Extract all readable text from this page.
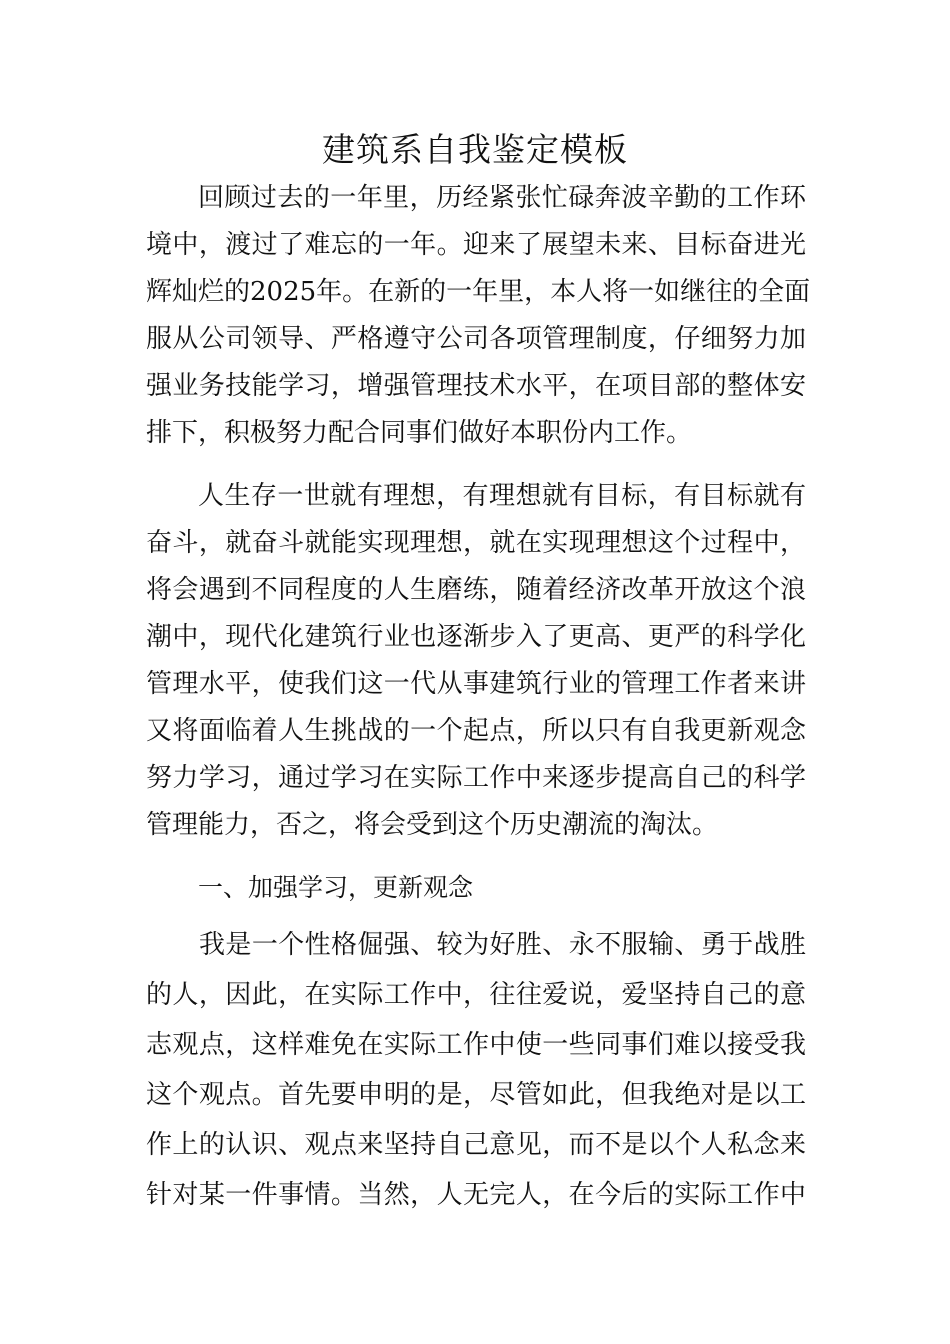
建筑系自我鉴定模板

回顾过去的一年里，历经紧张忙碌奔波辛勤的工作环

境中，渡过了难忘的一年。迎来了展望未来、目标奋进光

辉灿烂的2025年。在新的一年里，本人将一如继往的全面

服从公司领导、严格遵守公司各项管理制度，仔细努力加

强业务技能学习，增强管理技术水平，在项目部的整体安

排下，积极努力配合同事们做好本职份内工作。

人生存一世就有理想，有理想就有目标，有目标就有

奋斗，就奋斗就能实现理想，就在实现理想这个过程中，

将会遇到不同程度的人生磨练，随着经济改革开放这个浪

潮中，现代化建筑行业也逐渐步入了更高、更严的科学化

管理水平，使我们这一代从事建筑行业的管理工作者来讲

又将面临着人生挑战的一个起点，所以只有自我更新观念

努力学习，通过学习在实际工作中来逐步提高自己的科学

管理能力，否之，将会受到这个历史潮流的淘汰。

一、加强学习，更新观念

我是一个性格倔强、较为好胜、永不服输、勇于战胜

的人，因此，在实际工作中，往往爱说，爱坚持自己的意

志观点，这样难免在实际工作中使一些同事们难以接受我

这个观点。首先要申明的是，尽管如此，但我绝对是以工

作上的认识、观点来坚持自己意见，而不是以个人私念来

针对某一件事情。当然，人无完人，在今后的实际工作中
